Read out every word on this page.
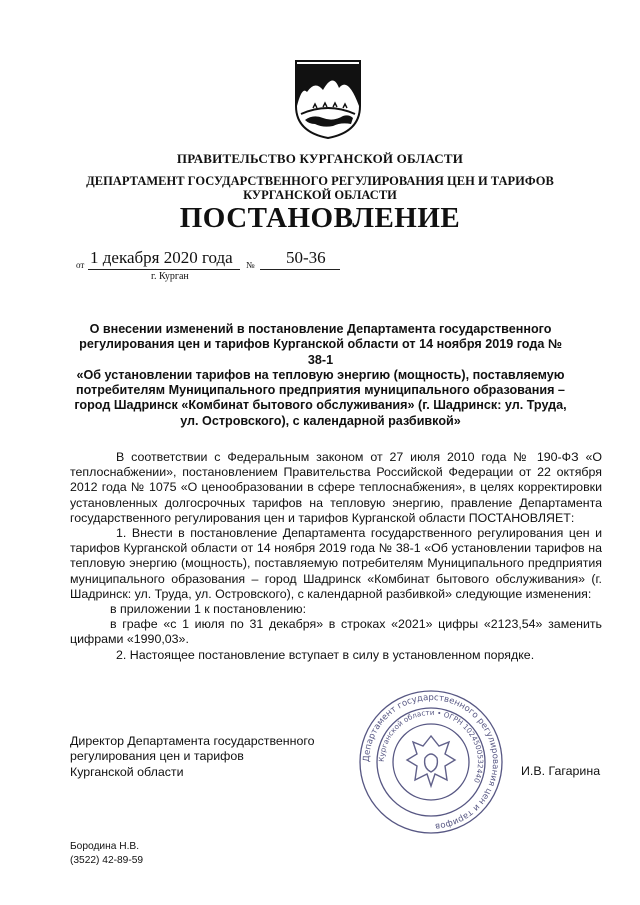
ПРАВИТЕЛЬСТВО КУРГАНСКОЙ ОБЛАСТИ
ДЕПАРТАМЕНТ ГОСУДАРСТВЕННОГО РЕГУЛИРОВАНИЯ ЦЕН И ТАРИФОВ
КУРГАНСКОЙ ОБЛАСТИ
ПОСТАНОВЛЕНИЕ
от 1 декабря 2020 года № 50-36
г. Курган
О внесении изменений в постановление Департамента государственного
регулирования цен и тарифов Курганской области от 14 ноября 2019 года № 38-1
«Об установлении тарифов на тепловую энергию (мощность), поставляемую
потребителям Муниципального предприятия муниципального образования –
город Шадринск «Комбинат бытового обслуживания» (г. Шадринск: ул. Труда,
ул. Островского), с календарной разбивкой»

В соответствии с Федеральным законом от 27 июля 2010 года № 190-ФЗ «О теплоснабжении», постановлением Правительства Российской Федерации от 22 октября 2012 года № 1075 «О ценообразовании в сфере теплоснабжения», в целях корректировки установленных долгосрочных тарифов на тепловую энергию, правление Департамента государственного регулирования цен и тарифов Курганской области ПОСТАНОВЛЯЕТ:

1. Внести в постановление Департамента государственного регулирования цен и тарифов Курганской области от 14 ноября 2019 года № 38-1 «Об установлении тарифов на тепловую энергию (мощность), поставляемую потребителям Муниципального предприятия муниципального образования – город Шадринск «Комбинат бытового обслуживания» (г. Шадринск: ул. Труда, ул. Островского), с календарной разбивкой» следующие изменения:

в приложении 1 к постановлению:

в графе «с 1 июля по 31 декабря» в строках «2021» цифры «2123,54» заменить цифрами «1990,03».

2. Настоящее постановление вступает в силу в установленном порядке.

Департамент государственного регулирования цен и тарифов
Курганской области • ОГРН 1024500532440

Директор Департамента государственного

регулирования цен и тарифов

Курганской области	И.В. Гагарина

Бородина Н.В.

(3522) 42-89-59
